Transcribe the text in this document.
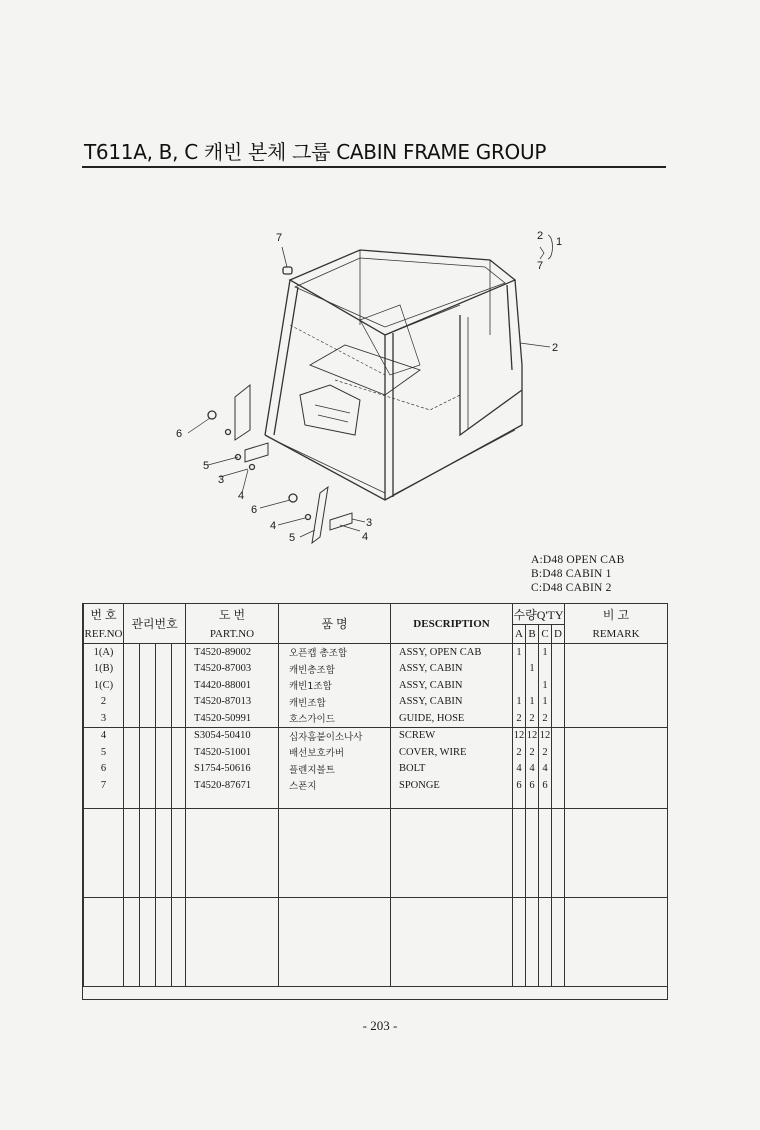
T611A, B, C 캐빈 본체 그룹 CABIN FRAME GROUP
7	2 1
7
2
6
5
3
4
6
4	3
5	4
A:D48 OPEN CAB
B:D48 CABIN 1
C:D48 CABIN 2
번 호	관리번호				도 번	품 명	DESCRIPTION	수량Q'TY				비 고
REF.NO					PART.NO			A	B	C	D	REMARK
1(A)					T4520-89002	오픈캡 총조합	ASSY, OPEN CAB	1		1		
1(B)					T4520-87003	캐빈총조합	ASSY, CABIN		1			
1(C)					T4420-88001	캐빈1조합	ASSY, CABIN			1		
2					T4520-87013	캐빈조합	ASSY, CABIN	1	1	1		
3					T4520-50991	호스가이드	GUIDE, HOSE	2	2	2		
4					S3054-50410	십자홈붙이소나사	SCREW	12	12	12		
5					T4520-51001	배선보호카버	COVER, WIRE	2	2	2		
6					S1754-50616	플렌지볼트	BOLT	4	4	4		
7					T4520-87671	스폰지	SPONGE	6	6	6		

- 203 -
